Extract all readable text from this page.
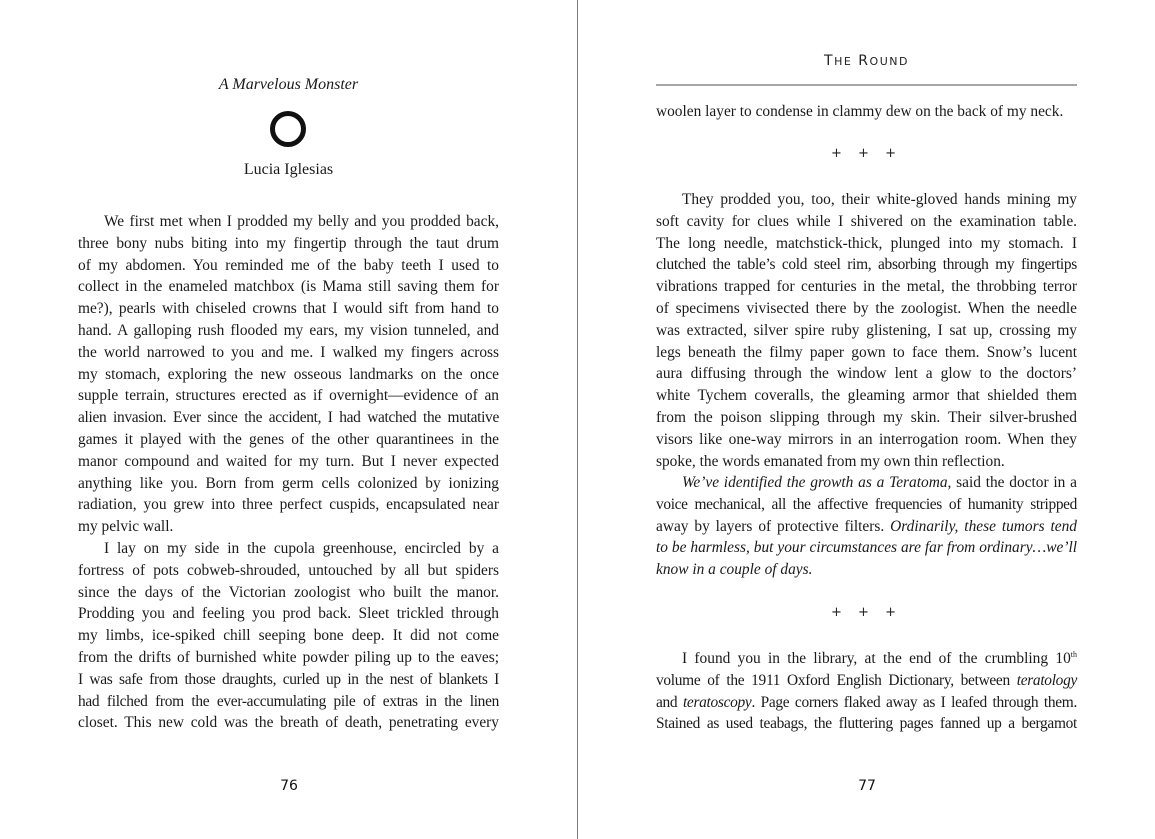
A Marvelous Monster
Lucia Iglesias
We first met when I prodded my belly and you prodded back,
three bony nubs biting into my fingertip through the taut drum
of my abdomen. You reminded me of the baby teeth I used to
collect in the enameled matchbox (is Mama still saving them for
me?), pearls with chiseled crowns that I would sift from hand to
hand. A galloping rush flooded my ears, my vision tunneled, and
the world narrowed to you and me. I walked my fingers across
my stomach, exploring the new osseous landmarks on the once
supple terrain, structures erected as if overnight—evidence of an
alien invasion. Ever since the accident, I had watched the mutative
games it played with the genes of the other quarantinees in the
manor compound and waited for my turn. But I never expected
anything like you. Born from germ cells colonized by ionizing
radiation, you grew into three perfect cuspids, encapsulated near
my pelvic wall.
I lay on my side in the cupola greenhouse, encircled by a
fortress of pots cobweb-shrouded, untouched by all but spiders
since the days of the Victorian zoologist who built the manor.
Prodding you and feeling you prod back. Sleet trickled through
my limbs, ice-spiked chill seeping bone deep. It did not come
from the drifts of burnished white powder piling up to the eaves;
I was safe from those draughts, curled up in the nest of blankets I
had filched from the ever-accumulating pile of extras in the linen
closet. This new cold was the breath of death, penetrating every
76
THE ROUND
woolen layer to condense in clammy dew on the back of my neck.
+ + +
They prodded you, too, their white-gloved hands mining my
soft cavity for clues while I shivered on the examination table.
The long needle, matchstick-thick, plunged into my stomach. I
clutched the table’s cold steel rim, absorbing through my fingertips
vibrations trapped for centuries in the metal, the throbbing terror
of specimens vivisected there by the zoologist. When the needle
was extracted, silver spire ruby glistening, I sat up, crossing my
legs beneath the filmy paper gown to face them. Snow’s lucent
aura diffusing through the window lent a glow to the doctors’
white Tychem coveralls, the gleaming armor that shielded them
from the poison slipping through my skin. Their silver-brushed
visors like one-way mirrors in an interrogation room. When they
spoke, the words emanated from my own thin reflection.
We’ve identified the growth as a Teratoma, said the doctor in a
voice mechanical, all the affective frequencies of humanity stripped
away by layers of protective filters. Ordinarily, these tumors tend
to be harmless, but your circumstances are far from ordinary…we’ll
know in a couple of days.
+ + +
I found you in the library, at the end of the crumbling 10th
volume of the 1911 Oxford English Dictionary, between teratology
and teratoscopy. Page corners flaked away as I leafed through them.
Stained as used teabags, the fluttering pages fanned up a bergamot
77
